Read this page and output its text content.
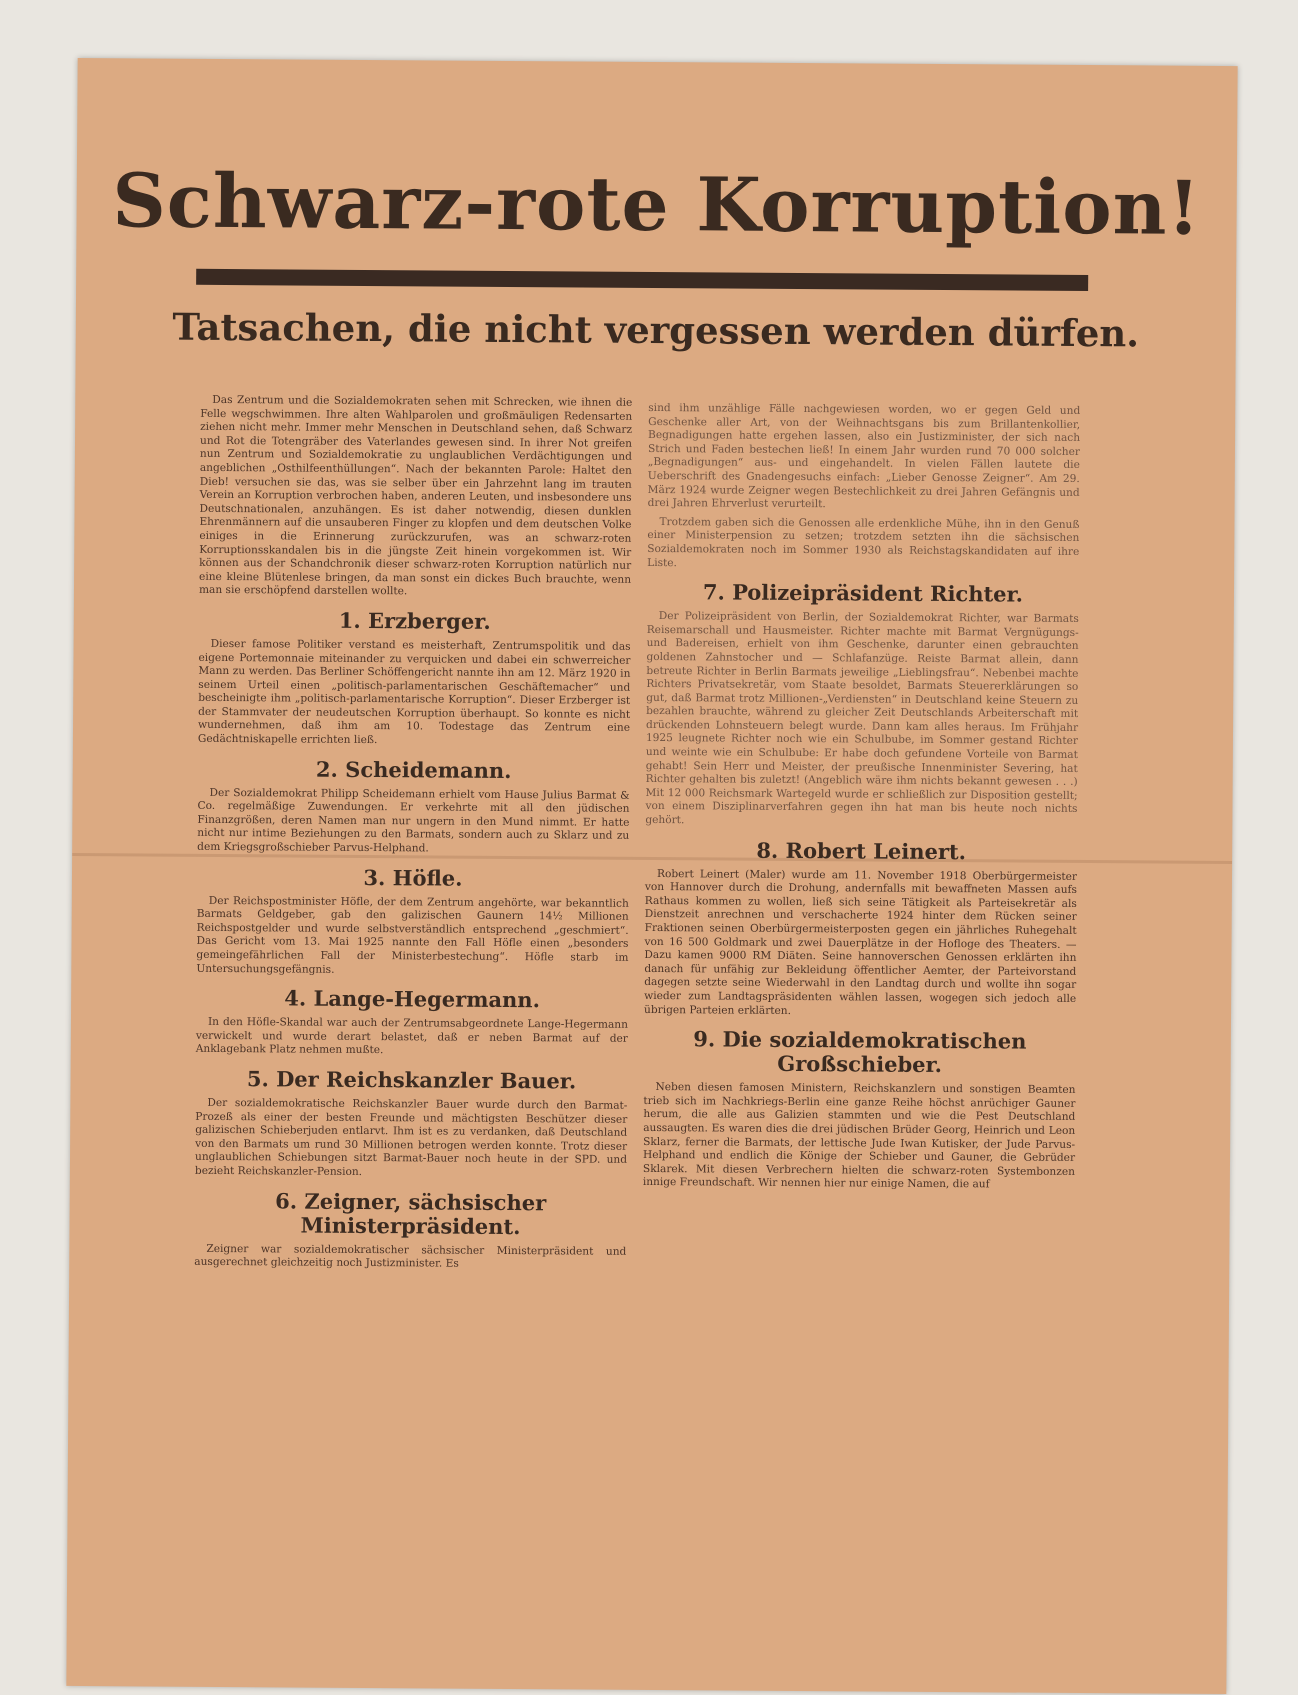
Schwarz-rote Korruption!
Tatsachen, die nicht vergessen werden dürfen.

Das Zentrum und die Sozialdemokraten sehen mit Schrecken, wie ihnen die Felle wegschwimmen. Ihre alten Wahlparolen und großmäuligen Redensarten ziehen nicht mehr. Immer mehr Menschen in Deutschland sehen, daß Schwarz und Rot die Totengräber des Vaterlandes gewesen sind. In ihrer Not greifen nun Zentrum und Sozialdemokratie zu unglaublichen Verdächtigungen und angeblichen „Osthilfeenthüllungen“. Nach der bekannten Parole: Haltet den Dieb! versuchen sie das, was sie selber über ein Jahrzehnt lang im trauten Verein an Korruption verbrochen haben, anderen Leuten, und insbesondere uns Deutschnationalen, anzuhängen. Es ist daher notwendig, diesen dunklen Ehrenmännern auf die unsauberen Finger zu klopfen und dem deutschen Volke einiges in die Erinnerung zurückzurufen, was an schwarz-roten Korruptionsskandalen bis in die jüngste Zeit hinein vorgekommen ist. Wir können aus der Schandchronik dieser schwarz-roten Korruption natürlich nur eine kleine Blütenlese bringen, da man sonst ein dickes Buch brauchte, wenn man sie erschöpfend darstellen wollte.

1. Erzberger.

Dieser famose Politiker verstand es meisterhaft, Zentrumspolitik und das eigene Portemonnaie miteinander zu verquicken und dabei ein schwerreicher Mann zu werden. Das Berliner Schöffengericht nannte ihn am 12. März 1920 in seinem Urteil einen „politisch-parlamentarischen Geschäftemacher“ und bescheinigte ihm „politisch-parlamentarische Korruption“. Dieser Erzberger ist der Stammvater der neudeutschen Korruption überhaupt. So konnte es nicht wundernehmen, daß ihm am 10. Todestage das Zentrum eine Gedächtniskapelle errichten ließ.

2. Scheidemann.

Der Sozialdemokrat Philipp Scheidemann erhielt vom Hause Julius Barmat & Co. regelmäßige Zuwendungen. Er verkehrte mit all den jüdischen Finanzgrößen, deren Namen man nur ungern in den Mund nimmt. Er hatte nicht nur intime Beziehungen zu den Barmats, sondern auch zu Sklarz und zu dem Kriegsgroßschieber Parvus-Helphand.

3. Höfle.

Der Reichspostminister Höfle, der dem Zentrum angehörte, war bekanntlich Barmats Geldgeber, gab den galizischen Gaunern 14½ Millionen Reichspostgelder und wurde selbstverständlich entsprechend „geschmiert“. Das Gericht vom 13. Mai 1925 nannte den Fall Höfle einen „besonders gemeingefährlichen Fall der Ministerbestechung“. Höfle starb im Untersuchungsgefängnis.

4. Lange-Hegermann.

In den Höfle-Skandal war auch der Zentrumsabgeordnete Lange-Hegermann verwickelt und wurde derart belastet, daß er neben Barmat auf der Anklagebank Platz nehmen mußte.

5. Der Reichskanzler Bauer.

Der sozialdemokratische Reichskanzler Bauer wurde durch den Barmat-Prozeß als einer der besten Freunde und mächtigsten Beschützer dieser galizischen Schieberjuden entlarvt. Ihm ist es zu verdanken, daß Deutschland von den Barmats um rund 30 Millionen betrogen werden konnte. Trotz dieser unglaublichen Schiebungen sitzt Barmat-Bauer noch heute in der SPD. und bezieht Reichskanzler-Pension.

6. Zeigner, sächsischer Ministerpräsident.

Zeigner war sozialdemokratischer sächsischer Ministerpräsident und ausgerechnet gleichzeitig noch Justizminister. Es

sind ihm unzählige Fälle nachgewiesen worden, wo er gegen Geld und Geschenke aller Art, von der Weihnachtsgans bis zum Brillantenkollier, Begnadigungen hatte ergehen lassen, also ein Justizminister, der sich nach Strich und Faden bestechen ließ! In einem Jahr wurden rund 70 000 solcher „Begnadigungen“ aus- und eingehandelt. In vielen Fällen lautete die Ueberschrift des Gnadengesuchs einfach: „Lieber Genosse Zeigner“. Am 29. März 1924 wurde Zeigner wegen Bestechlichkeit zu drei Jahren Gefängnis und drei Jahren Ehrverlust verurteilt.

Trotzdem gaben sich die Genossen alle erdenkliche Mühe, ihn in den Genuß einer Ministerpension zu setzen; trotzdem setzten ihn die sächsischen Sozialdemokraten noch im Sommer 1930 als Reichstagskandidaten auf ihre Liste.

7. Polizeipräsident Richter.

Der Polizeipräsident von Berlin, der Sozialdemokrat Richter, war Barmats Reisemarschall und Hausmeister. Richter machte mit Barmat Vergnügungs- und Badereisen, erhielt von ihm Geschenke, darunter einen gebrauchten goldenen Zahnstocher und — Schlafanzüge. Reiste Barmat allein, dann betreute Richter in Berlin Barmats jeweilige „Lieblingsfrau“. Nebenbei machte Richters Privatsekretär, vom Staate besoldet, Barmats Steuererklärungen so gut, daß Barmat trotz Millionen-„Verdiensten“ in Deutschland keine Steuern zu bezahlen brauchte, während zu gleicher Zeit Deutschlands Arbeiterschaft mit drückenden Lohnsteuern belegt wurde. Dann kam alles heraus. Im Frühjahr 1925 leugnete Richter noch wie ein Schulbube, im Sommer gestand Richter und weinte wie ein Schulbube: Er habe doch gefundene Vorteile von Barmat gehabt! Sein Herr und Meister, der preußische Innenminister Severing, hat Richter gehalten bis zuletzt! (Angeblich wäre ihm nichts bekannt gewesen . . .) Mit 12 000 Reichsmark Wartegeld wurde er schließlich zur Disposition gestellt; von einem Disziplinarverfahren gegen ihn hat man bis heute noch nichts gehört.

8. Robert Leinert.

Robert Leinert (Maler) wurde am 11. November 1918 Oberbürgermeister von Hannover durch die Drohung, andernfalls mit bewaffneten Massen aufs Rathaus kommen zu wollen, ließ sich seine Tätigkeit als Parteisekretär als Dienstzeit anrechnen und verschacherte 1924 hinter dem Rücken seiner Fraktionen seinen Oberbürgermeisterposten gegen ein jährliches Ruhegehalt von 16 500 Goldmark und zwei Dauerplätze in der Hofloge des Theaters. — Dazu kamen 9000 RM Diäten. Seine hannoverschen Genossen erklärten ihn danach für unfähig zur Bekleidung öffentlicher Aemter, der Parteivorstand dagegen setzte seine Wiederwahl in den Landtag durch und wollte ihn sogar wieder zum Landtagspräsidenten wählen lassen, wogegen sich jedoch alle übrigen Parteien erklärten.

9. Die sozialdemokratischen Großschieber.

Neben diesen famosen Ministern, Reichskanzlern und sonstigen Beamten trieb sich im Nachkriegs-Berlin eine ganze Reihe höchst anrüchiger Gauner herum, die alle aus Galizien stammten und wie die Pest Deutschland aussaugten. Es waren dies die drei jüdischen Brüder Georg, Heinrich und Leon Sklarz, ferner die Barmats, der lettische Jude Iwan Kutisker, der Jude Parvus-Helphand und endlich die Könige der Schieber und Gauner, die Gebrüder Sklarek. Mit diesen Verbrechern hielten die schwarz-roten Systembonzen innige Freundschaft. Wir nennen hier nur einige Namen, die auf
